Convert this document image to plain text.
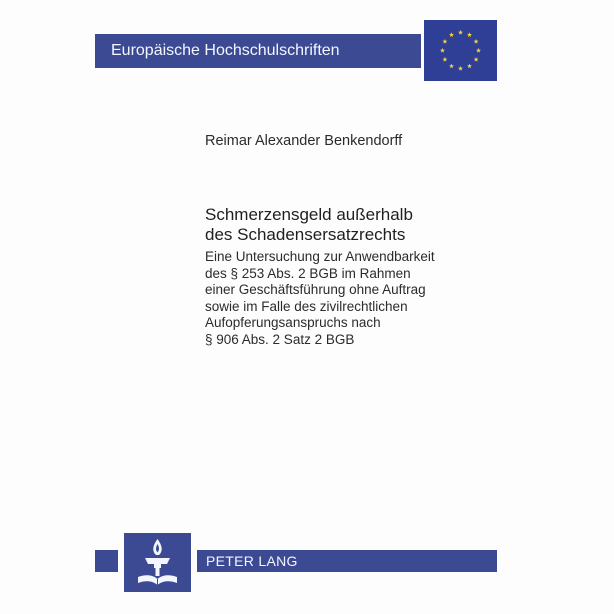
Europäische Hochschulschriften
Reimar Alexander Benkendorff
Schmerzensgeld außerhalb
des Schadensersatzrechts
Eine Untersuchung zur Anwendbarkeit
des § 253 Abs. 2 BGB im Rahmen
einer Geschäftsführung ohne Auftrag
sowie im Falle des zivilrechtlichen
Aufopferungsanspruchs nach
§ 906 Abs. 2 Satz 2 BGB
PETER LANG
